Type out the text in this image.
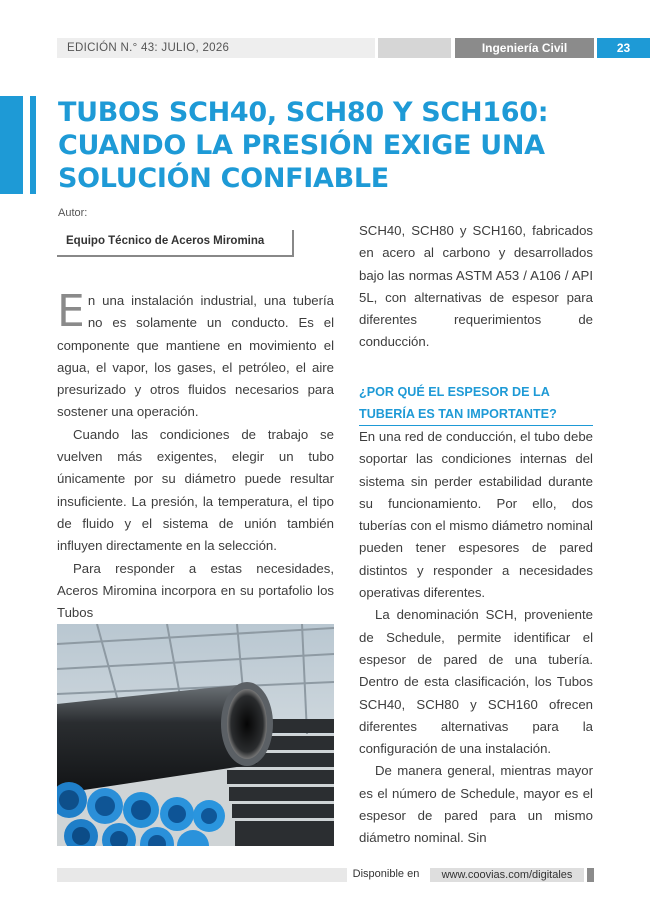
EDICIÓN N.° 43: JULIO, 2026	Ingeniería Civil	23
TUBOS SCH40, SCH80 Y SCH160: CUANDO LA PRESIÓN EXIGE UNA SOLUCIÓN CONFIABLE
Autor:
Equipo Técnico de Aceros Miromina

En una instalación industrial, una tubería no es solamente un conducto. Es el componente que mantiene en movimiento el agua, el vapor, los gases, el petróleo, el aire presurizado y otros fluidos necesarios para sostener una operación.

Cuando las condiciones de trabajo se vuelven más exigentes, elegir un tubo únicamente por su diámetro puede resultar insuficiente. La presión, la temperatura, el tipo de fluido y el sistema de unión también influyen directamente en la selección.

Para responder a estas necesidades, Aceros Miromina incorpora en su portafolio los Tubos

SCH40, SCH80 y SCH160, fabricados en acero al carbono y desarrollados bajo las normas ASTM A53 / A106 / API 5L, con alternativas de espesor para diferentes requerimientos de conducción.

¿POR QUÉ EL ESPESOR DE LA TUBERÍA ES TAN IMPORTANTE?

En una red de conducción, el tubo debe soportar las condiciones internas del sistema sin perder estabilidad durante su funcionamiento. Por ello, dos tuberías con el mismo diámetro nominal pueden tener espesores de pared distintos y responder a necesidades operativas diferentes.

La denominación SCH, proveniente de Schedule, permite identificar el espesor de pared de una tubería. Dentro de esta clasificación, los Tubos SCH40, SCH80 y SCH160 ofrecen diferentes alternativas para la configuración de una instalación.

De manera general, mientras mayor es el número de Schedule, mayor es el espesor de pared para un mismo diámetro nominal. Sin

Disponible en	www.coovias.com/digitales
